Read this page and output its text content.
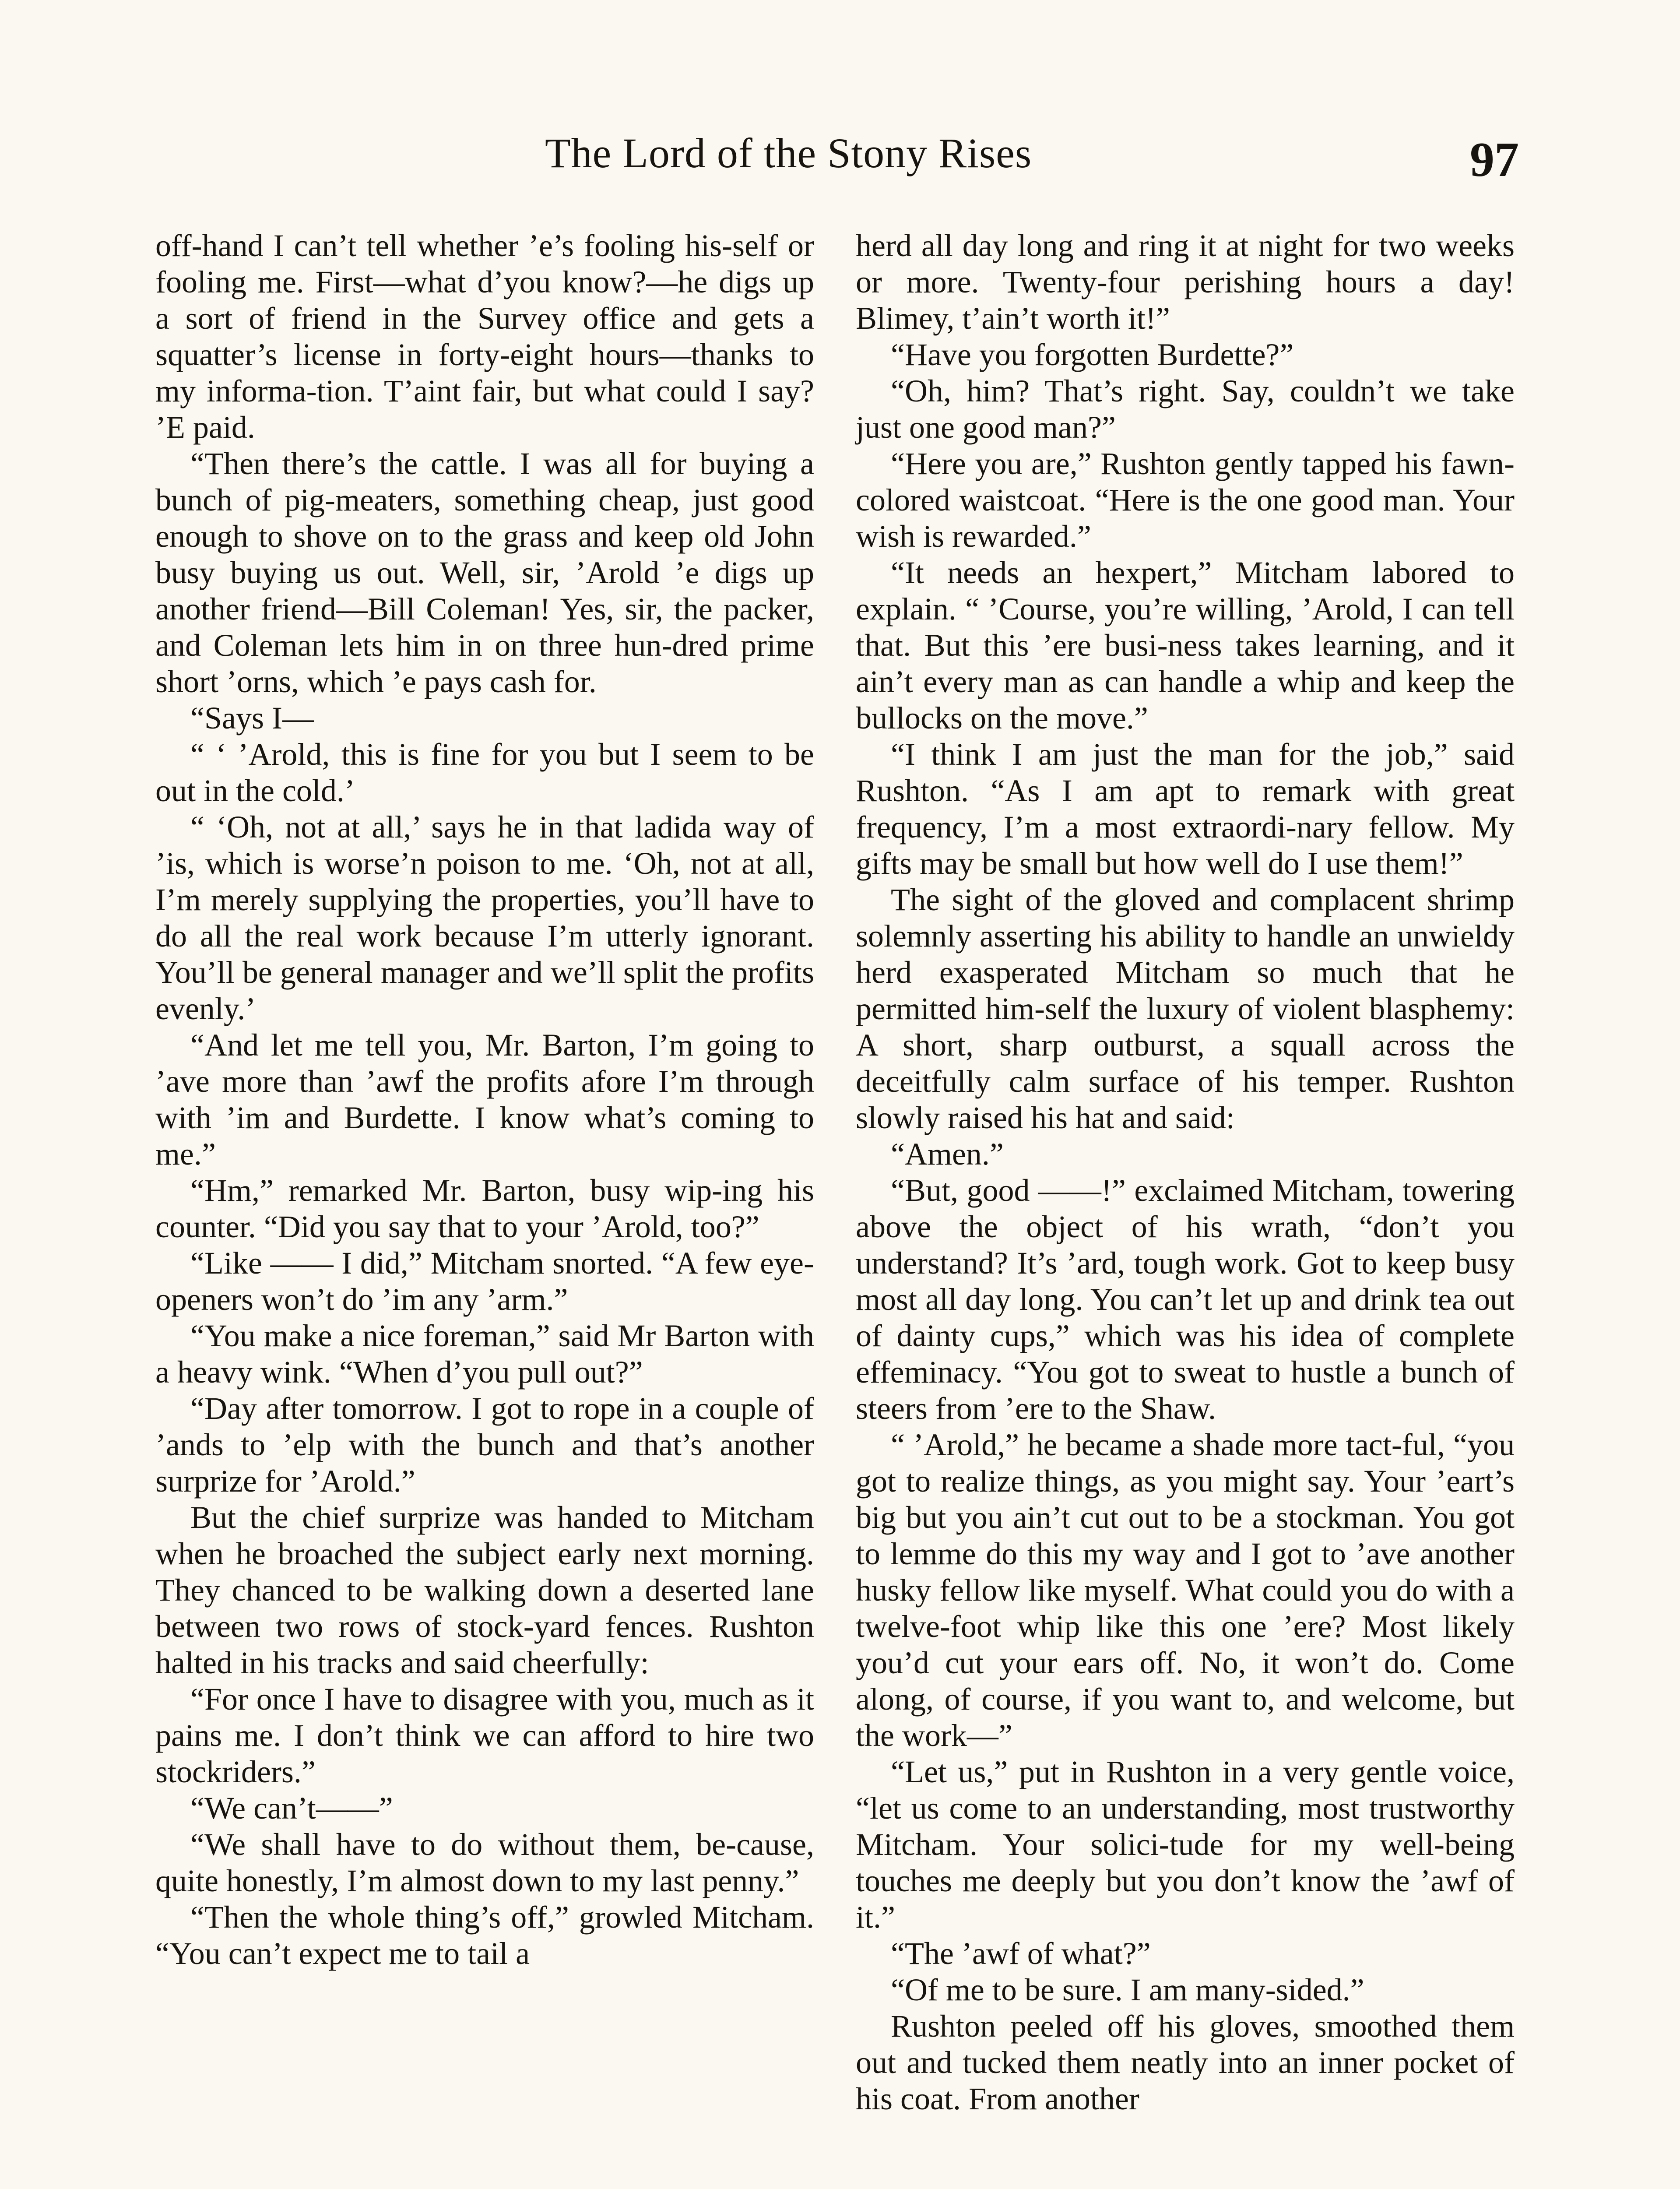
The Lord of the Stony Rises	97

off-hand I can’t tell whether ’e’s fooling his-self or fooling me. First—what d’you know?—he digs up a sort of friend in the Survey office and gets a squatter’s license in forty-eight hours—thanks to my informa-tion. T’aint fair, but what could I say? ’E paid.

“Then there’s the cattle. I was all for buying a bunch of pig-meaters, something cheap, just good enough to shove on to the grass and keep old John busy buying us out. Well, sir, ’Arold ’e digs up another friend—Bill Coleman! Yes, sir, the packer, and Coleman lets him in on three hun-dred prime short ’orns, which ’e pays cash for.

“Says I—

“ ‘ ’Arold, this is fine for you but I seem to be out in the cold.’

“ ‘Oh, not at all,’ says he in that ladida way of ’is, which is worse’n poison to me. ‘Oh, not at all, I’m merely supplying the properties, you’ll have to do all the real work because I’m utterly ignorant. You’ll be general manager and we’ll split the profits evenly.’

“And let me tell you, Mr. Barton, I’m going to ’ave more than ’awf the profits afore I’m through with ’im and Burdette. I know what’s coming to me.”

“Hm,” remarked Mr. Barton, busy wip-ing his counter. “Did you say that to your ’Arold, too?”

“Like —— I did,” Mitcham snorted. “A few eye-openers won’t do ’im any ’arm.”

“You make a nice foreman,” said Mr Barton with a heavy wink. “When d’you pull out?”

“Day after tomorrow. I got to rope in a couple of ’ands to ’elp with the bunch and that’s another surprize for ’Arold.”

But the chief surprize was handed to Mitcham when he broached the subject early next morning. They chanced to be walking down a deserted lane between two rows of stock-yard fences. Rushton halted in his tracks and said cheerfully:

“For once I have to disagree with you, much as it pains me. I don’t think we can afford to hire two stockriders.”

“We can’t——”

“We shall have to do without them, be-cause, quite honestly, I’m almost down to my last penny.”

“Then the whole thing’s off,” growled Mitcham. “You can’t expect me to tail a

herd all day long and ring it at night for two weeks or more. Twenty-four perishing hours a day! Blimey, t’ain’t worth it!”

“Have you forgotten Burdette?”

“Oh, him? That’s right. Say, couldn’t we take just one good man?”

“Here you are,” Rushton gently tapped his fawn-colored waistcoat. “Here is the one good man. Your wish is rewarded.”

“It needs an hexpert,” Mitcham labored to explain. “ ’Course, you’re willing, ’Arold, I can tell that. But this ’ere busi-ness takes learning, and it ain’t every man as can handle a whip and keep the bullocks on the move.”

“I think I am just the man for the job,” said Rushton. “As I am apt to remark with great frequency, I’m a most extraordi-nary fellow. My gifts may be small but how well do I use them!”

The sight of the gloved and complacent shrimp solemnly asserting his ability to handle an unwieldy herd exasperated Mitcham so much that he permitted him-self the luxury of violent blasphemy: A short, sharp outburst, a squall across the deceitfully calm surface of his temper. Rushton slowly raised his hat and said:

“Amen.”

“But, good ——!” exclaimed Mitcham, towering above the object of his wrath, “don’t you understand? It’s ’ard, tough work. Got to keep busy most all day long. You can’t let up and drink tea out of dainty cups,” which was his idea of complete effeminacy. “You got to sweat to hustle a bunch of steers from ’ere to the Shaw.

“ ’Arold,” he became a shade more tact-ful, “you got to realize things, as you might say. Your ’eart’s big but you ain’t cut out to be a stockman. You got to lemme do this my way and I got to ’ave another husky fellow like myself. What could you do with a twelve-foot whip like this one ’ere? Most likely you’d cut your ears off. No, it won’t do. Come along, of course, if you want to, and welcome, but the work—”

“Let us,” put in Rushton in a very gentle voice, “let us come to an understanding, most trustworthy Mitcham. Your solici-tude for my well-being touches me deeply but you don’t know the ’awf of it.”

“The ’awf of what?”

“Of me to be sure. I am many-sided.”

Rushton peeled off his gloves, smoothed them out and tucked them neatly into an inner pocket of his coat. From another
